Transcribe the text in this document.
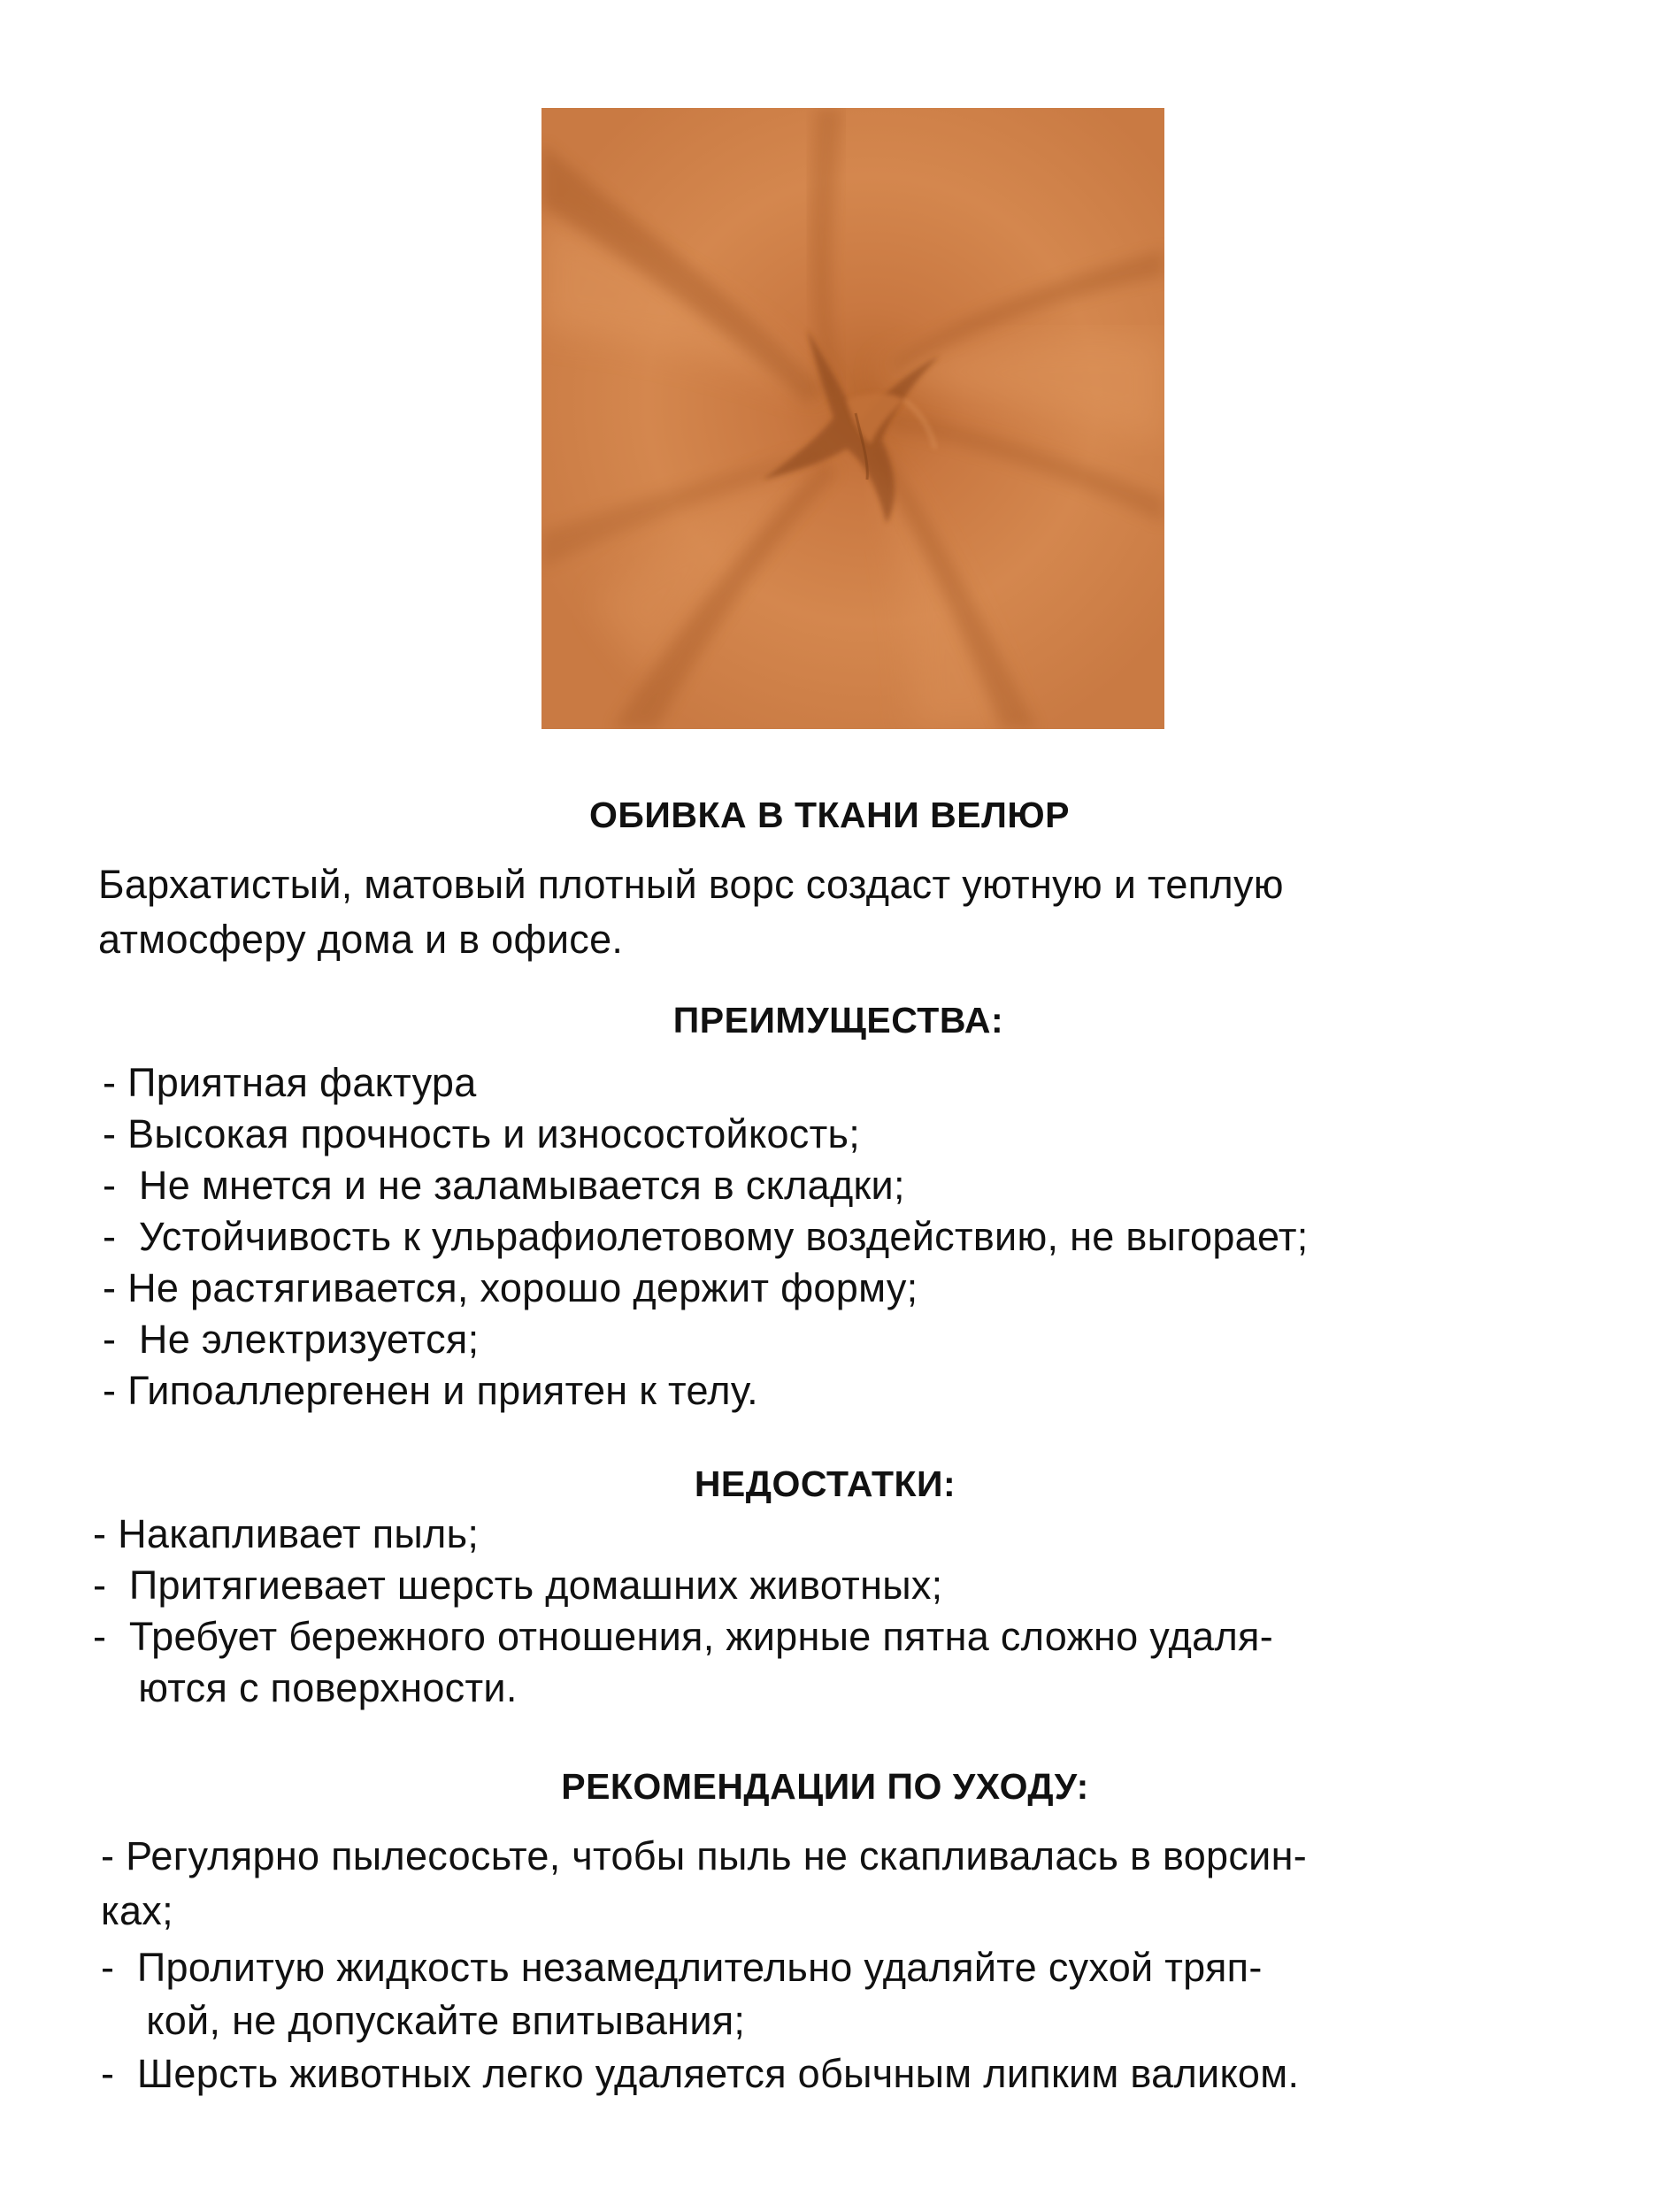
ОБИВКА В ТКАНИ ВЕЛЮР
Бархатистый, матовый плотный ворс создаст уютную и теплую
атмосферу дома и в офисе.
ПРЕИМУЩЕСТВА:
- Приятная фактура
- Высокая прочность и износостойкость;
-  Не мнется и не заламывается в складки;
-  Устойчивость к ульрафиолетовому воздействию, не выгорает;
- Не растягивается, хорошо держит форму;
-  Не электризуется;
- Гипоаллергенен и приятен к телу.
НЕДОСТАТКИ:
- Накапливает пыль;
-  Притягиевает шерсть домашних животных;
-  Требует бережного отношения, жирные пятна сложно удаля-
ются с поверхности.
РЕКОМЕНДАЦИИ ПО УХОДУ:
- Регулярно пылесосьте, чтобы пыль не скапливалась в ворсин-
ках;
-  Пролитую жидкость незамедлительно удаляйте сухой тряп-
кой, не допускайте впитывания;
-  Шерсть животных легко удаляется обычным липким валиком.
